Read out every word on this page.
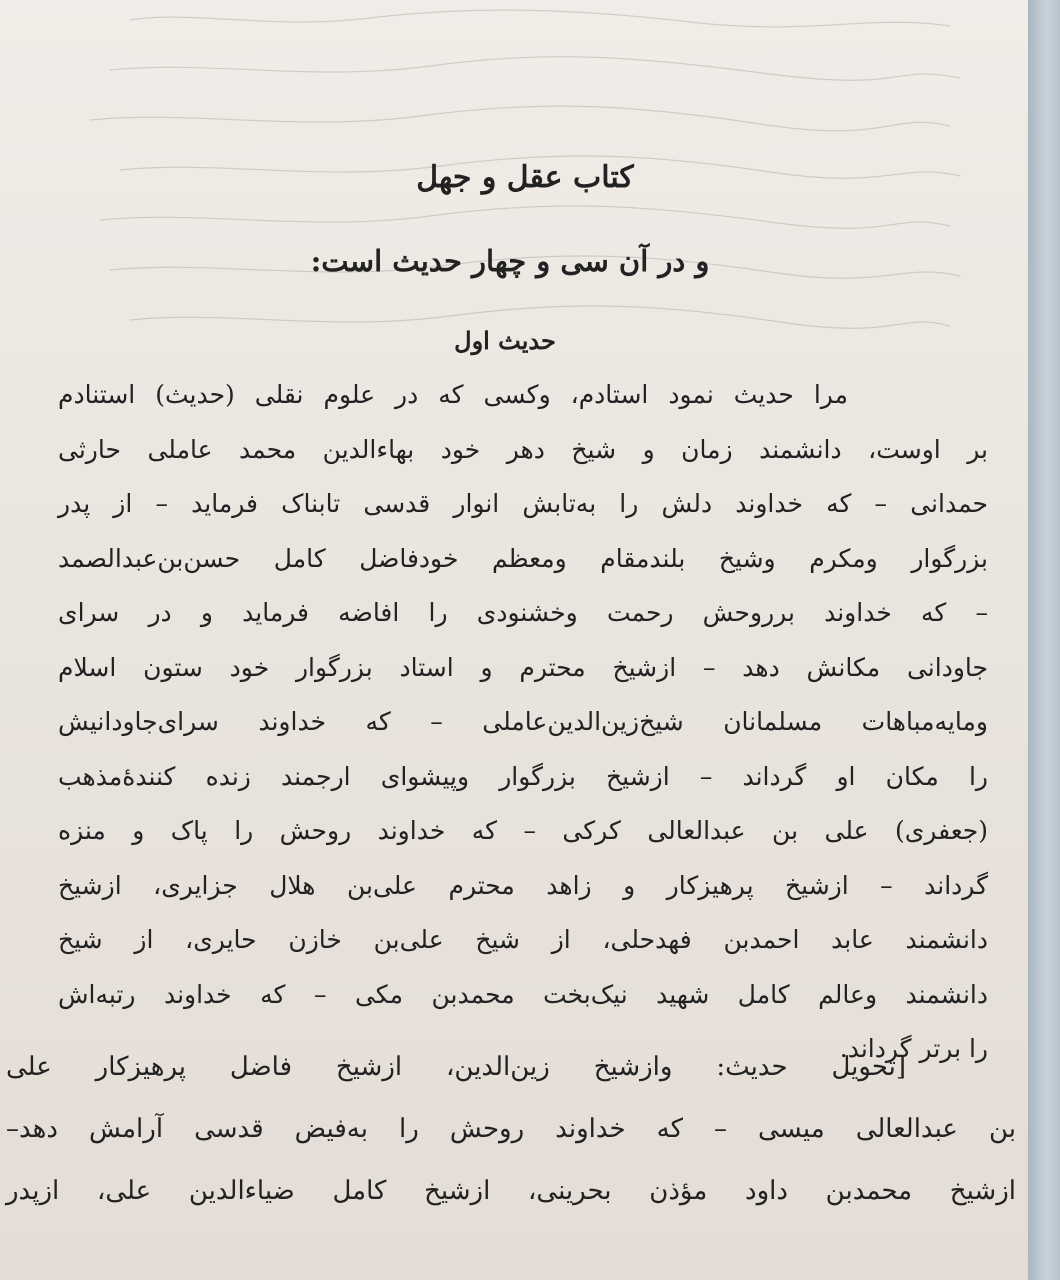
کتاب عقل و جهل
و در آن سی و چهار حدیث است:
حدیث اول
مرا حدیث نمود استادم، وکسی که در علوم نقلی (حدیث) استنادم
بر اوست، دانشمند زمان و شیخ دهر خود بهاءالدین محمد عاملی حارثی
حمدانی – که خداوند دلش را به‌تابش انوار قدسی تابناک فرماید – از پدر
بزرگوار ومکرم وشیخ بلندمقام ومعظم خودفاضل کامل حسن‌بن‌عبدالصمد
– که خداوند برروحش رحمت وخشنودی را افاضه فرماید و در سرای
جاودانی مکانش دهد – ازشیخ محترم و استاد بزرگوار خود ستون اسلام
ومایه‌مباهات مسلمانان شیخ‌زین‌الدین‌عاملی – که خداوند سرای‌جاودانیش
را مکان او گرداند – ازشیخ بزرگوار وپیشوای ارجمند زنده کنندهٔ‌مذهب
(جعفری) علی بن عبدالعالی کرکی – که خداوند روحش را پاک و منزه
گرداند – ازشیخ پرهیزکار و زاهد محترم علی‌بن هلال جزایری، ازشیخ
دانشمند عابد احمدبن فهدحلی، از شیخ علی‌بن خازن حایری، از شیخ
دانشمند وعالم کامل شهید نیک‌بخت محمدبن مکی – که خداوند رتبه‌اش
را برتر گرداند.
[تحویل حدیث: وازشیخ زین‌الدین، ازشیخ فاضل پرهیزکار علی
بن عبدالعالی میسی – که خداوند روحش را به‌فیض قدسی آرامش دهد–
ازشیخ محمدبن داود مؤذن بحرینی، ازشیخ کامل ضیاءالدین علی، ازپدر
